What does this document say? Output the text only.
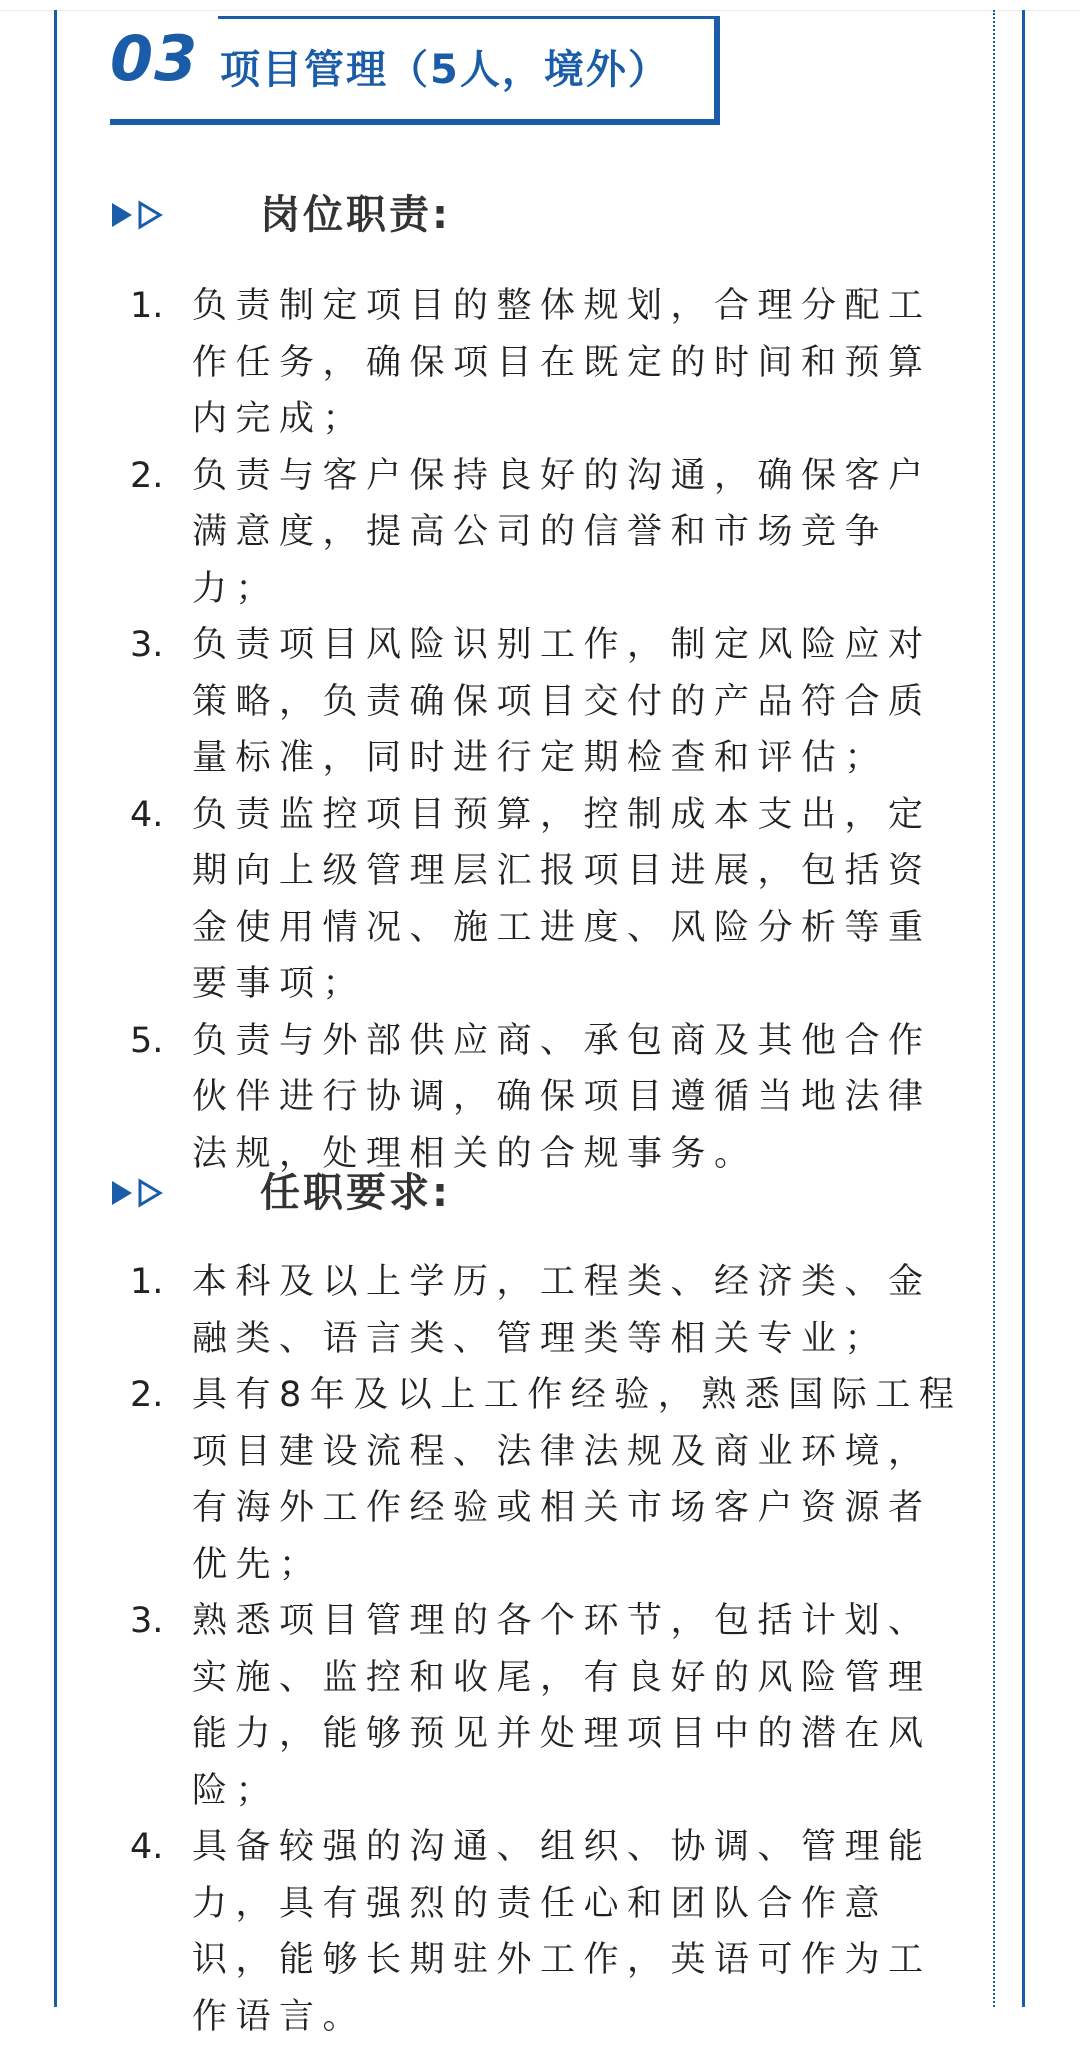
03 项目管理（5人，境外）
岗位职责:
1. 负责制定项目的整体规划，合理分配工作任务，确保项目在既定的时间和预算内完成；
2. 负责与客户保持良好的沟通，确保客户满意度，提高公司的信誉和市场竞争力；
3. 负责项目风险识别工作，制定风险应对策略，负责确保项目交付的产品符合质量标准，同时进行定期检查和评估；
4. 负责监控项目预算，控制成本支出，定期向上级管理层汇报项目进展，包括资金使用情况、施工进度、风险分析等重要事项；
5. 负责与外部供应商、承包商及其他合作伙伴进行协调，确保项目遵循当地法律法规，处理相关的合规事务。
任职要求:
1. 本科及以上学历，工程类、经济类、金融类、语言类、管理类等相关专业；
2. 具有8年及以上工作经验，熟悉国际工程项目建设流程、法律法规及商业环境，有海外工作经验或相关市场客户资源者优先；
3. 熟悉项目管理的各个环节，包括计划、实施、监控和收尾，有良好的风险管理能力，能够预见并处理项目中的潜在风险；
4. 具备较强的沟通、组织、协调、管理能力，具有强烈的责任心和团队合作意识，能够长期驻外工作，英语可作为工作语言。
